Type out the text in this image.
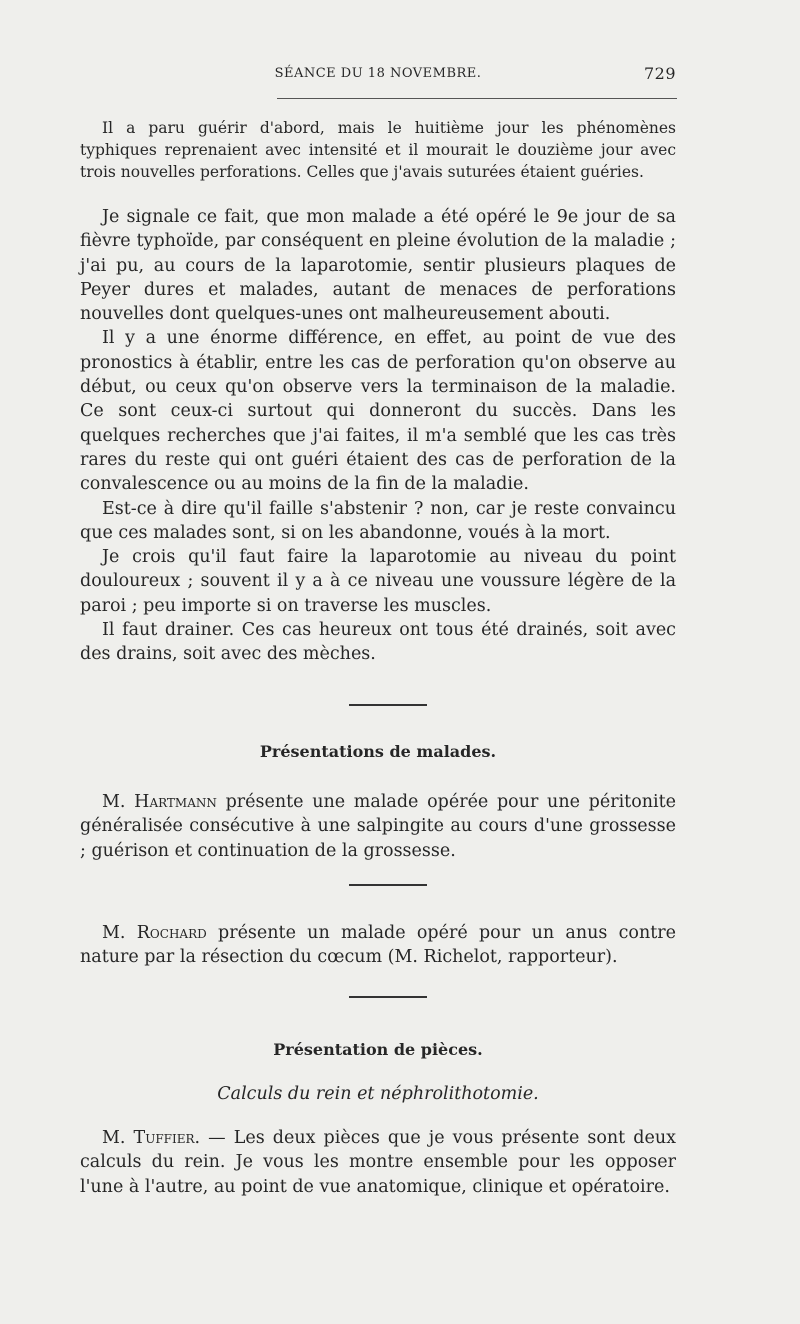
SÉANCE DU 18 NOVEMBRE.	729

Il a paru guérir d'abord, mais le huitième jour les phénomènes typhiques reprenaient avec intensité et il mourait le douzième jour avec trois nouvelles perforations. Celles que j'avais suturées étaient guéries.

Je signale ce fait, que mon malade a été opéré le 9e jour de sa fièvre typhoïde, par conséquent en pleine évolution de la maladie ; j'ai pu, au cours de la laparotomie, sentir plusieurs plaques de Peyer dures et malades, autant de menaces de perforations nouvelles dont quelques-unes ont malheureusement abouti.

Il y a une énorme différence, en effet, au point de vue des pronostics à établir, entre les cas de perforation qu'on observe au début, ou ceux qu'on observe vers la terminaison de la maladie. Ce sont ceux-ci surtout qui donneront du succès. Dans les quelques recherches que j'ai faites, il m'a semblé que les cas très rares du reste qui ont guéri étaient des cas de perforation de la convalescence ou au moins de la fin de la maladie.

Est-ce à dire qu'il faille s'abstenir ? non, car je reste convaincu que ces malades sont, si on les abandonne, voués à la mort.

Je crois qu'il faut faire la laparotomie au niveau du point douloureux ; souvent il y a à ce niveau une voussure légère de la paroi ; peu importe si on traverse les muscles.

Il faut drainer. Ces cas heureux ont tous été drainés, soit avec des drains, soit avec des mèches.

Présentations de malades.

M. Hartmann présente une malade opérée pour une péritonite généralisée consécutive à une salpingite au cours d'une grossesse ; guérison et continuation de la grossesse.

M. Rochard présente un malade opéré pour un anus contre nature par la résection du cœcum (M. Richelot, rapporteur).

Présentation de pièces.
Calculs du rein et néphrolithotomie.

M. Tuffier. — Les deux pièces que je vous présente sont deux calculs du rein. Je vous les montre ensemble pour les opposer l'une à l'autre, au point de vue anatomique, clinique et opératoire.
